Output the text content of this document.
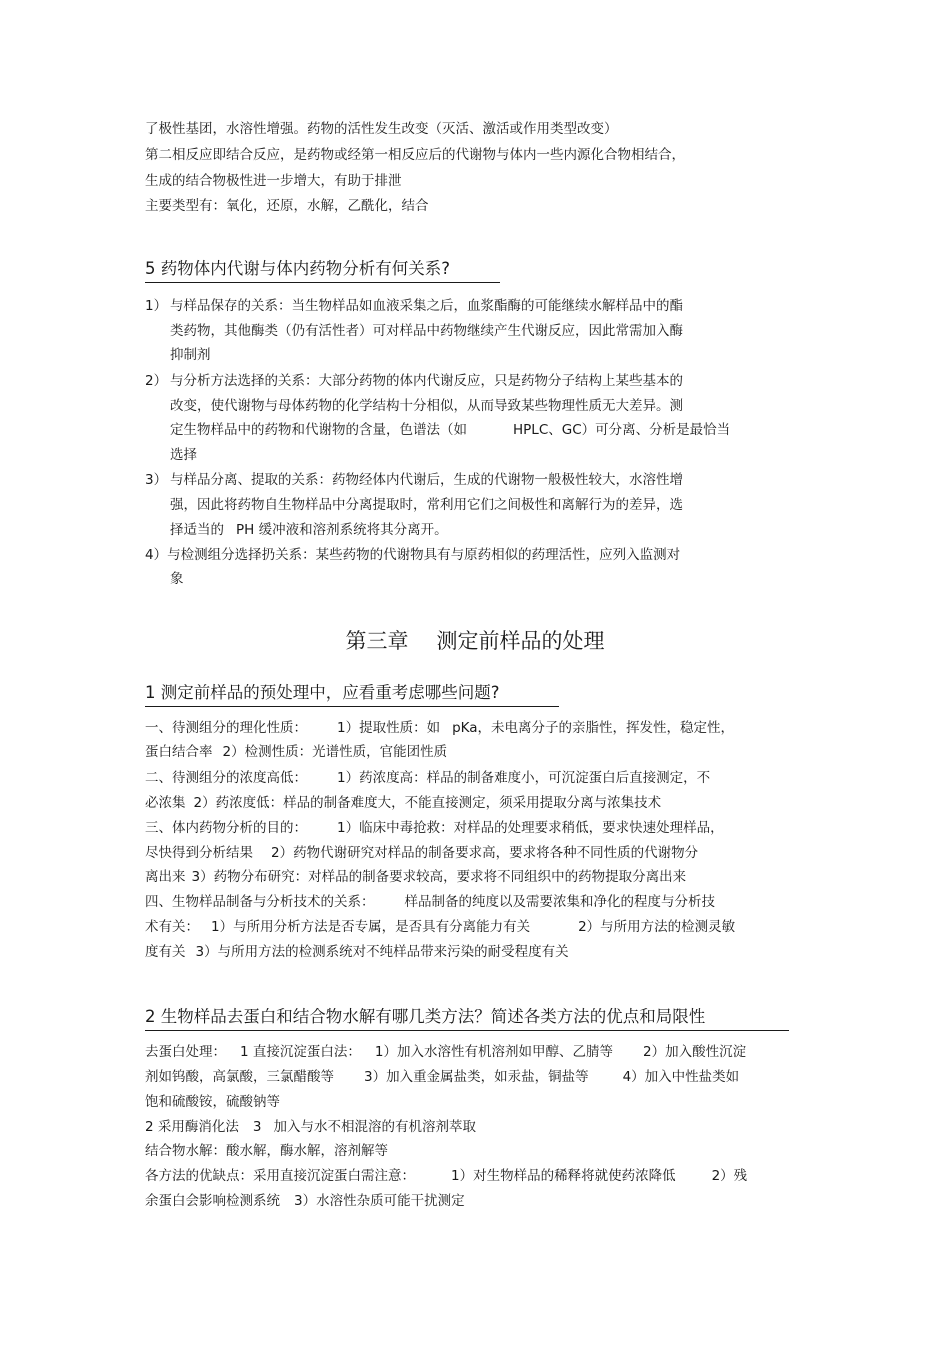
了极性基团，水溶性增强。药物的活性发生改变（灭活、激活或作用类型改变）
第二相反应即结合反应，是药物或经第一相反应后的代谢物与体内一些内源化合物相结合，
生成的结合物极性进一步增大，有助于排泄
主要类型有：氧化，还原，水解，乙酰化，结合
5 药物体内代谢与体内药物分析有何关系?
1） 与样品保存的关系：当生物样品如血液采集之后，血浆酯酶的可能继续水解样品中的酯
类药物，其他酶类（仍有活性者）可对样品中药物继续产生代谢反应，因此常需加入酶
抑制剂
2） 与分析方法选择的关系：大部分药物的体内代谢反应，只是药物分子结构上某些基本的
改变，使代谢物与母体药物的化学结构十分相似，从而导致某些物理性质无大差异。测
定生物样品中的药物和代谢物的含量，色谱法（如	HPLC、GC）可分离、分析是最恰当
选择
3） 与样品分离、提取的关系：药物经体内代谢后，生成的代谢物一般极性较大，水溶性增
强，因此将药物自生物样品中分离提取时，常利用它们之间极性和离解行为的差异，选
择适当的 PH 缓冲液和溶剂系统将其分离开。
4）与检测组分选择扔关系：某些药物的代谢物具有与原药相似的药理活性，应列入监测对
象
第三章 测定前样品的处理
1 测定前样品的预处理中，应看重考虑哪些问题?
一、待测组分的理化性质： 1）提取性质：如 pKa，未电离分子的亲脂性，挥发性，稳定性，
蛋白结合率 2）检测性质：光谱性质，官能团性质
二、待测组分的浓度高低： 1）药浓度高：样品的制备难度小，可沉淀蛋白后直接测定，不
必浓集 2）药浓度低：样品的制备难度大，不能直接测定，须采用提取分离与浓集技术
三、体内药物分析的目的： 1）临床中毒抢救：对样品的处理要求稍低，要求快速处理样品，
尽快得到分析结果 2）药物代谢研究对样品的制备要求高，要求将各种不同性质的代谢物分
离出来 3）药物分布研究：对样品的制备要求较高，要求将不同组织中的药物提取分离出来
四、生物样品制备与分析技术的关系： 样品制备的纯度以及需要浓集和净化的程度与分析技
术有关： 1）与所用分析方法是否专属，是否具有分离能力有关	2）与所用方法的检测灵敏
度有关 3）与所用方法的检测系统对不纯样品带来污染的耐受程度有关
2 生物样品去蛋白和结合物水解有哪几类方法？简述各类方法的优点和局限性
去蛋白处理： 1 直接沉淀蛋白法： 1）加入水溶性有机溶剂如甲醇、乙腈等 2）加入酸性沉淀
剂如钨酸，高氯酸，三氯醋酸等 3）加入重金属盐类，如汞盐，铜盐等	4）加入中性盐类如
饱和硫酸铵，硫酸钠等
2 采用酶消化法 3 加入与水不相混溶的有机溶剂萃取
结合物水解：酸水解，酶水解，溶剂解等
各方法的优缺点：采用直接沉淀蛋白需注意：	1）对生物样品的稀释将就使药浓降低	2）残
余蛋白会影响检测系统 3）水溶性杂质可能干扰测定
